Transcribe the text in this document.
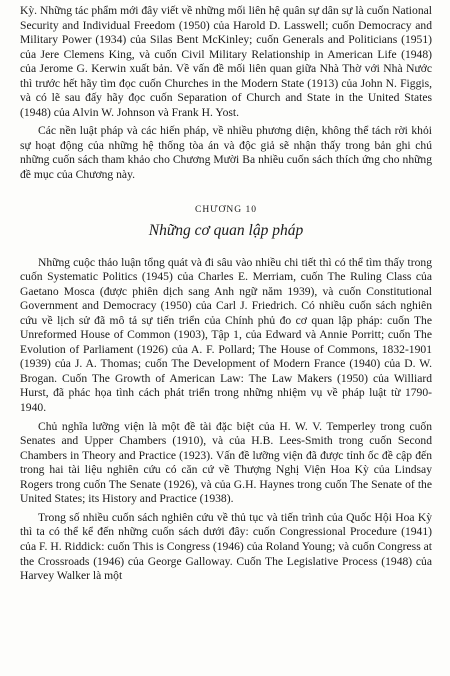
Kỳ. Những tác phẩm mới đây viết về những mối liên hệ quân sự dân sự là cuốn National Security and Individual Freedom (1950) của Harold D. Lasswell; cuốn Democracy and Military Power (1934) của Silas Bent McKinley; cuốn Generals and Politicians (1951) của Jere Clemens King, và cuốn Civil Military Relationship in American Life (1948) của Jerome G. Kerwin xuất bản. Về vấn đề mối liên quan giữa Nhà Thờ với Nhà Nước thì trước hết hãy tìm đọc cuốn Churches in the Modern State (1913) của John N. Figgis, và có lẽ sau đấy hãy đọc cuốn Separation of Church and State in the United States (1948) của Alvin W. Johnson và Frank H. Yost.

Các nền luật pháp và các hiến pháp, về nhiều phương diện, không thể tách rời khỏi sự hoạt động của những hệ thống tòa án và độc giả sẽ nhận thấy trong bản ghi chú những cuốn sách tham khảo cho Chương Mười Ba nhiều cuốn sách thích ứng cho những đề mục của Chương này.

CHƯƠNG 10
Những cơ quan lập pháp

Những cuộc thảo luận tổng quát và đi sâu vào nhiều chi tiết thì có thể tìm thấy trong cuốn Systematic Politics (1945) của Charles E. Merriam, cuốn The Ruling Class của Gaetano Mosca (được phiên dịch sang Anh ngữ năm 1939), và cuốn Constitutional Government and Democracy (1950) của Carl J. Friedrich. Có nhiều cuốn sách nghiên cứu về lịch sử đã mô tả sự tiến triển của Chính phủ đo cơ quan lập pháp: cuốn The Unreformed House of Common (1903), Tập 1, của Edward và Annie Porritt; cuốn The Evolution of Parliament (1926) của A. F. Pollard; The House of Commons, 1832-1901 (1939) của J. A. Thomas; cuốn The Development of Modern France (1940) của D. W. Brogan. Cuốn The Growth of American Law: The Law Makers (1950) của Williard Hurst, đã phác họa tình cách phát triển trong những nhiệm vụ về pháp luật từ 1790-1940.

Chủ nghĩa lưỡng viện là một đề tài đặc biệt của H. W. V. Temperley trong cuốn Senates and Upper Chambers (1910), và của H.B. Lees-Smith trong cuốn Second Chambers in Theory and Practice (1923). Vấn đề lưỡng viện đã được tỉnh ốc đề cập đến trong hai tài liệu nghiên cứu có căn cứ về Thượng Nghị Viện Hoa Kỳ của Lindsay Rogers trong cuốn The Senate (1926), và của G.H. Haynes trong cuốn The Senate of the United States; its History and Practice (1938).

Trong số nhiều cuốn sách nghiên cứu về thủ tục và tiến trình của Quốc Hội Hoa Kỳ thì ta có thể kể đến những cuốn sách dưới đây: cuốn Congressional Procedure (1941) của F. H. Riddick: cuốn This is Congress (1946) của Roland Young; và cuốn Congress at the Crossroads (1946) của George Galloway. Cuốn The Legislative Process (1948) của Harvey Walker là một
